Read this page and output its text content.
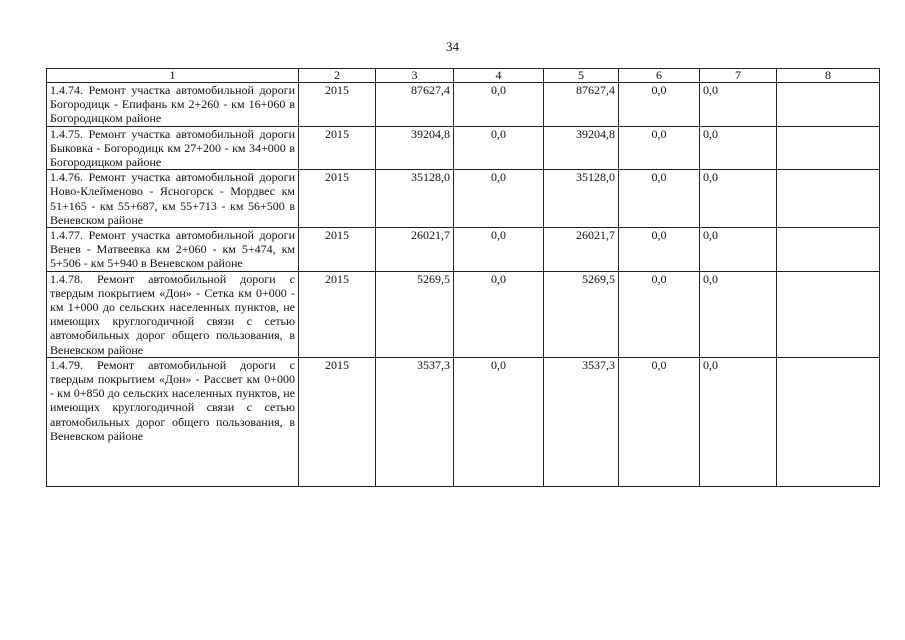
34
1	2	3	4	5	6	7	8
1.4.74. Ремонт участка автомобильной дороги Богородицк - Епифань км 2+260 - км 16+060 в Богородицком районе	2015	87627,4	0,0	87627,4	0,0	0,0	
1.4.75. Ремонт участка автомобильной дороги Быковка - Богородицк км 27+200 - км 34+000 в Богородицком районе	2015	39204,8	0,0	39204,8	0,0	0,0	
1.4.76. Ремонт участка автомобильной дороги Ново-Клейменово - Ясногорск - Мордвес км 51+165 - км 55+687, км 55+713 - км 56+500 в Веневском районе	2015	35128,0	0,0	35128,0	0,0	0,0	
1.4.77. Ремонт участка автомобильной дороги Венев - Матвеевка км 2+060 - км 5+474, км 5+506 - км 5+940 в Веневском районе	2015	26021,7	0,0	26021,7	0,0	0,0	
1.4.78. Ремонт автомобильной дороги с твердым покрытием «Дон» - Сетка км 0+000 - км 1+000 до сельских населенных пунктов, не имеющих круглогодичной связи с сетью автомобильных дорог общего пользования, в Веневском районе	2015	5269,5	0,0	5269,5	0,0	0,0	
1.4.79. Ремонт автомобильной дороги с твердым покрытием «Дон» - Рассвет км 0+000 - км 0+850 до сельских населенных пунктов, не имеющих круглогодичной связи с сетью автомобильных дорог общего пользования, в Веневском районе	2015	3537,3	0,0	3537,3	0,0	0,0	
